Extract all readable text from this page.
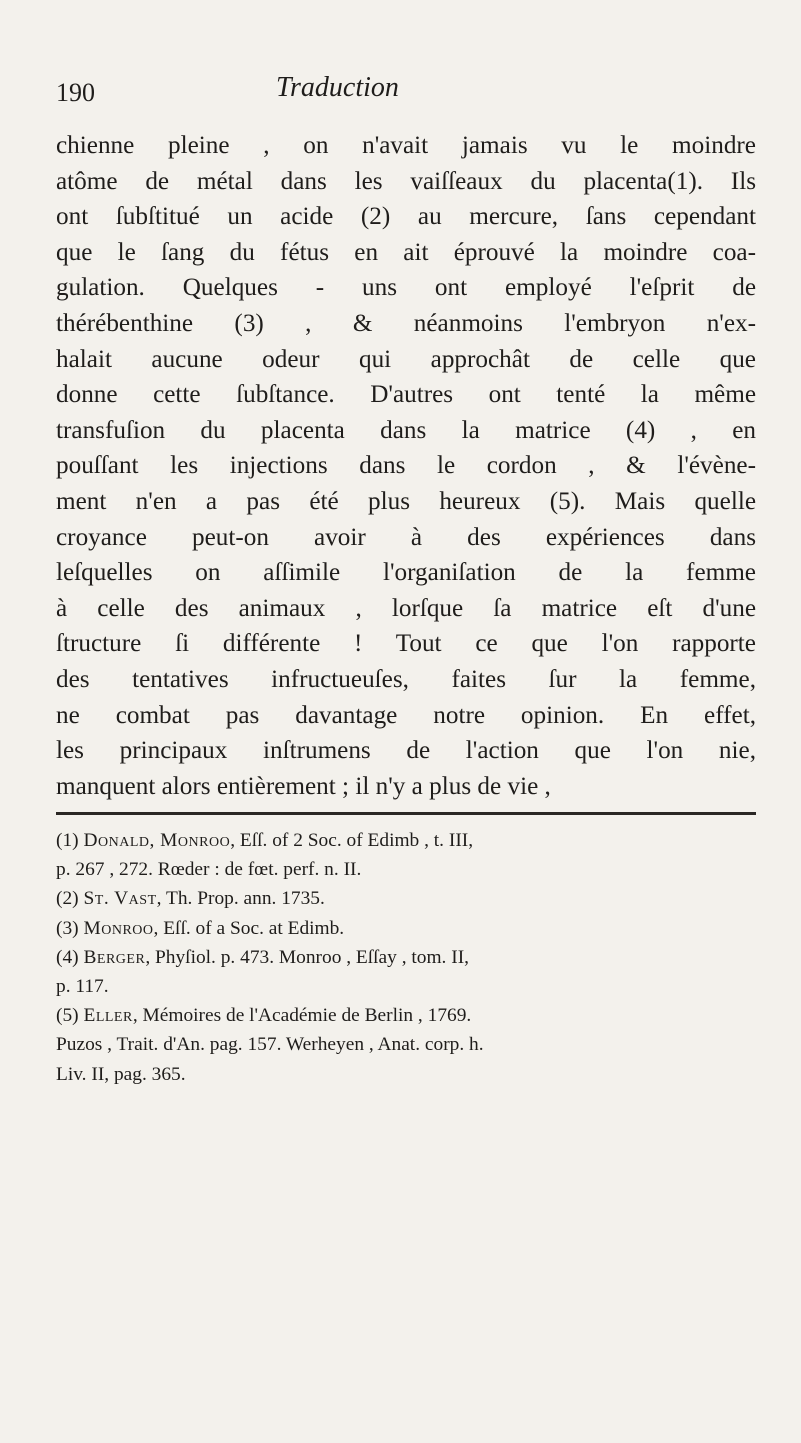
190	Traduction
chienne pleine , on n'avait jamais vu le moindre
atôme de métal dans les vaiſſeaux du placenta(1). Ils
ont ſubſtitué un acide (2) au mercure, ſans cependant
que le ſang du fétus en ait éprouvé la moindre coa-
gulation. Quelques - uns ont employé l'eſprit de
thérébenthine (3) , & néanmoins l'embryon n'ex-
halait aucune odeur qui approchât de celle que
donne cette ſubſtance. D'autres ont tenté la même
transfuſion du placenta dans la matrice (4) , en
pouſſant les injections dans le cordon , & l'évène-
ment n'en a pas été plus heureux (5). Mais quelle
croyance peut-on avoir à des expériences dans
leſquelles on aſſimile l'organiſation de la femme
à celle des animaux , lorſque ſa matrice eſt d'une
ſtructure ſi différente ! Tout ce que l'on rapporte
des tentatives infructueuſes, faites ſur la femme,
ne combat pas davantage notre opinion. En effet,
les principaux inſtrumens de l'action que l'on nie,
manquent alors entièrement ; il n'y a plus de vie ,
(1) Donald, Monroo, Eſſ. of 2 Soc. of Edimb , t. III,
p. 267 , 272. Rœder : de fœt. perf. n. II.
(2) St. Vast, Th. Prop. ann. 1735.
(3) Monroo, Eſſ. of a Soc. at Edimb.
(4) Berger, Phyſiol. p. 473. Monroo , Eſſay , tom. II,
p. 117.
(5) Eller, Mémoires de l'Académie de Berlin , 1769.
Puzos , Trait. d'An. pag. 157. Werheyen , Anat. corp. h.
Liv. II, pag. 365.
